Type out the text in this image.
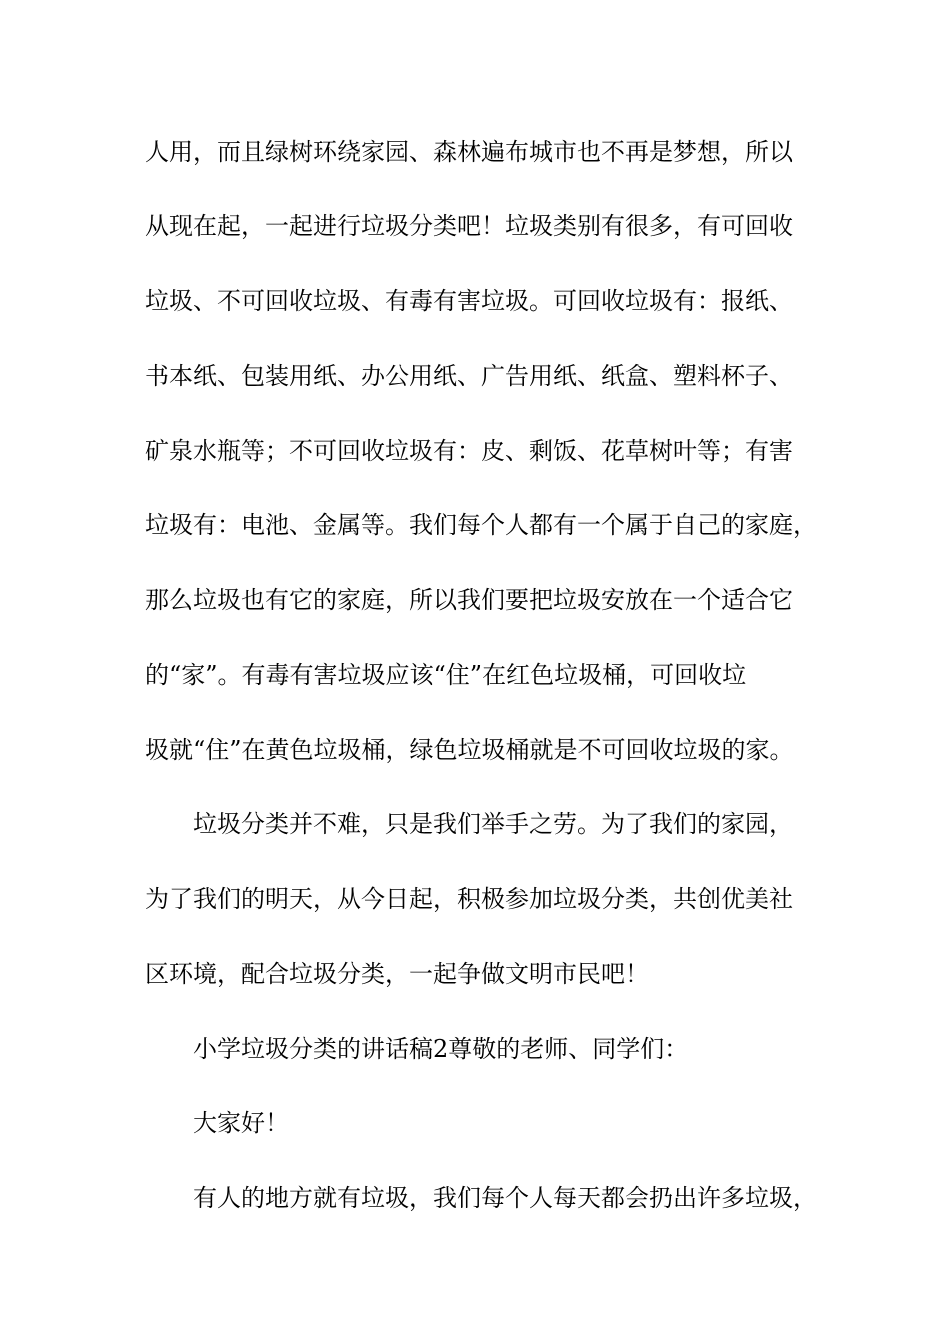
人用，而且绿树环绕家园、森林遍布城市也不再是梦想，所以
从现在起，一起进行垃圾分类吧！垃圾类别有很多，有可回收
垃圾、不可回收垃圾、有毒有害垃圾。可回收垃圾有：报纸、
书本纸、包装用纸、办公用纸、广告用纸、纸盒、塑料杯子、
矿泉水瓶等；不可回收垃圾有：皮、剩饭、花草树叶等；有害
垃圾有：电池、金属等。我们每个人都有一个属于自己的家庭，
那么垃圾也有它的家庭，所以我们要把垃圾安放在一个适合它
的“家”。有毒有害垃圾应该“住”在红色垃圾桶，可回收垃
圾就“住”在黄色垃圾桶，绿色垃圾桶就是不可回收垃圾的家。
垃圾分类并不难，只是我们举手之劳。为了我们的家园，
为了我们的明天，从今日起，积极参加垃圾分类，共创优美社
区环境，配合垃圾分类，一起争做文明市民吧！
小学垃圾分类的讲话稿2尊敬的老师、同学们：
大家好！
有人的地方就有垃圾，我们每个人每天都会扔出许多垃圾，
